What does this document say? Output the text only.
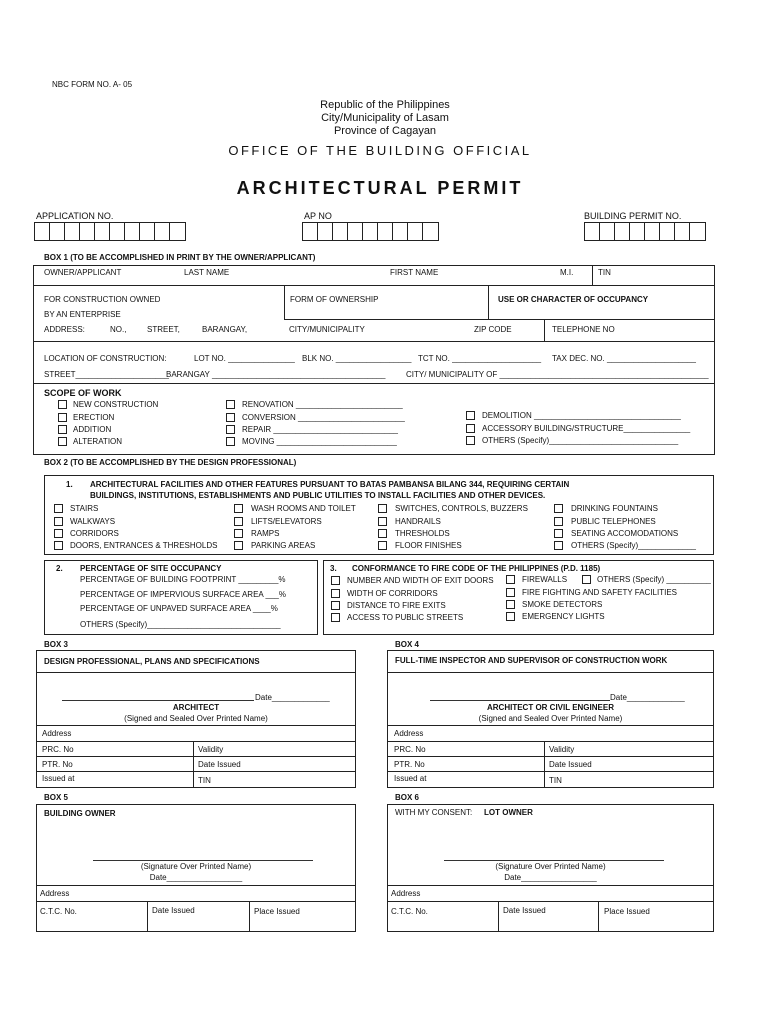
NBC FORM NO. A- 05
Republic of the Philippines
City/Municipality of Lasam
Province of Cagayan
OFFICE OF THE BUILDING OFFICIAL
ARCHITECTURAL PERMIT
APPLICATION NO.	AP NO	BUILDING PERMIT NO.
BOX 1 (TO BE ACCOMPLISHED IN PRINT BY THE OWNER/APPLICANT)
OWNER/APPLICANT	LAST NAME	FIRST NAME	M.I.	TIN
FOR CONSTRUCTION OWNED
BY AN ENTERPRISE
FORM OF OWNERSHIP	USE OR CHARACTER OF OCCUPANCY
ADDRESS:	NO.,	STREET,	BARANGAY,	CITY/MUNICIPALITY	ZIP CODE	TELEPHONE NO
LOCATION OF CONSTRUCTION:	LOT NO. _______________ BLK NO. _________________ TCT NO. ____________________ TAX DEC. NO. ____________________
STREET_____________________
BARANGAY _______________________________________	CITY/ MUNICIPALITY OF _______________________________________________
SCOPE OF WORK
NEW CONSTRUCTION
ERECTION
ADDITION
ALTERATION
RENOVATION ________________________
CONVERSION ________________________
REPAIR ____________________________
MOVING ___________________________
DEMOLITION _________________________________
ACCESSORY BUILDING/STRUCTURE_______________
OTHERS (Specify)_____________________________
BOX 2 (TO BE ACCOMPLISHED BY THE DESIGN PROFESSIONAL)
1. ARCHITECTURAL FACILITIES AND OTHER FEATURES PURSUANT TO BATAS PAMBANSA BILANG 344, REQUIRING CERTAIN
BUILDINGS, INSTITUTIONS, ESTABLISHMENTS AND PUBLIC UTILITIES TO INSTALL FACILITIES AND OTHER DEVICES.
STAIRS
WALKWAYS
CORRIDORS
DOORS, ENTRANCES & THRESHOLDS
WASH ROOMS AND TOILET
LIFTS/ELEVATORS
RAMPS
PARKING AREAS
SWITCHES, CONTROLS, BUZZERS
HANDRAILS
THRESHOLDS
FLOOR FINISHES
DRINKING FOUNTAINS
PUBLIC TELEPHONES
SEATING ACCOMODATIONS
OTHERS (Specify)_____________
2. PERCENTAGE OF SITE OCCUPANCY
PERCENTAGE OF BUILDING FOOTPRINT _________%
PERCENTAGE OF IMPERVIOUS SURFACE AREA ___%
PERCENTAGE OF UNPAVED SURFACE AREA ____%
OTHERS (Specify)______________________________
3. CONFORMANCE TO FIRE CODE OF THE PHILIPPINES (P.D. 1185)
NUMBER AND WIDTH OF EXIT DOORS
WIDTH OF CORRIDORS
DISTANCE TO FIRE EXITS
ACCESS TO PUBLIC STREETS
FIREWALLS	OTHERS (Specify) __________
FIRE FIGHTING AND SAFETY FACILITIES
SMOKE DETECTORS
EMERGENCY LIGHTS
BOX 3
DESIGN PROFESSIONAL, PLANS AND SPECIFICATIONS
Date_____________
ARCHITECT
(Signed and Sealed Over Printed Name)
Address
PRC. No	Validity
PTR. No	Date Issued
Issued at	TIN
BOX 4
FULL-TIME INSPECTOR AND SUPERVISOR OF CONSTRUCTION WORK
Date_____________
ARCHITECT OR CIVIL ENGINEER
(Signed and Sealed Over Printed Name)
Address
PRC. No	Validity
PTR. No	Date Issued
Issued at	TIN
BOX 5
BUILDING OWNER
(Signature Over Printed Name)
Date_________________
Address
C.T.C. No.	Date Issued	Place Issued
BOX 6
WITH MY CONSENT: LOT OWNER
(Signature Over Printed Name)
Date_________________
Address
C.T.C. No.	Date Issued	Place Issued
